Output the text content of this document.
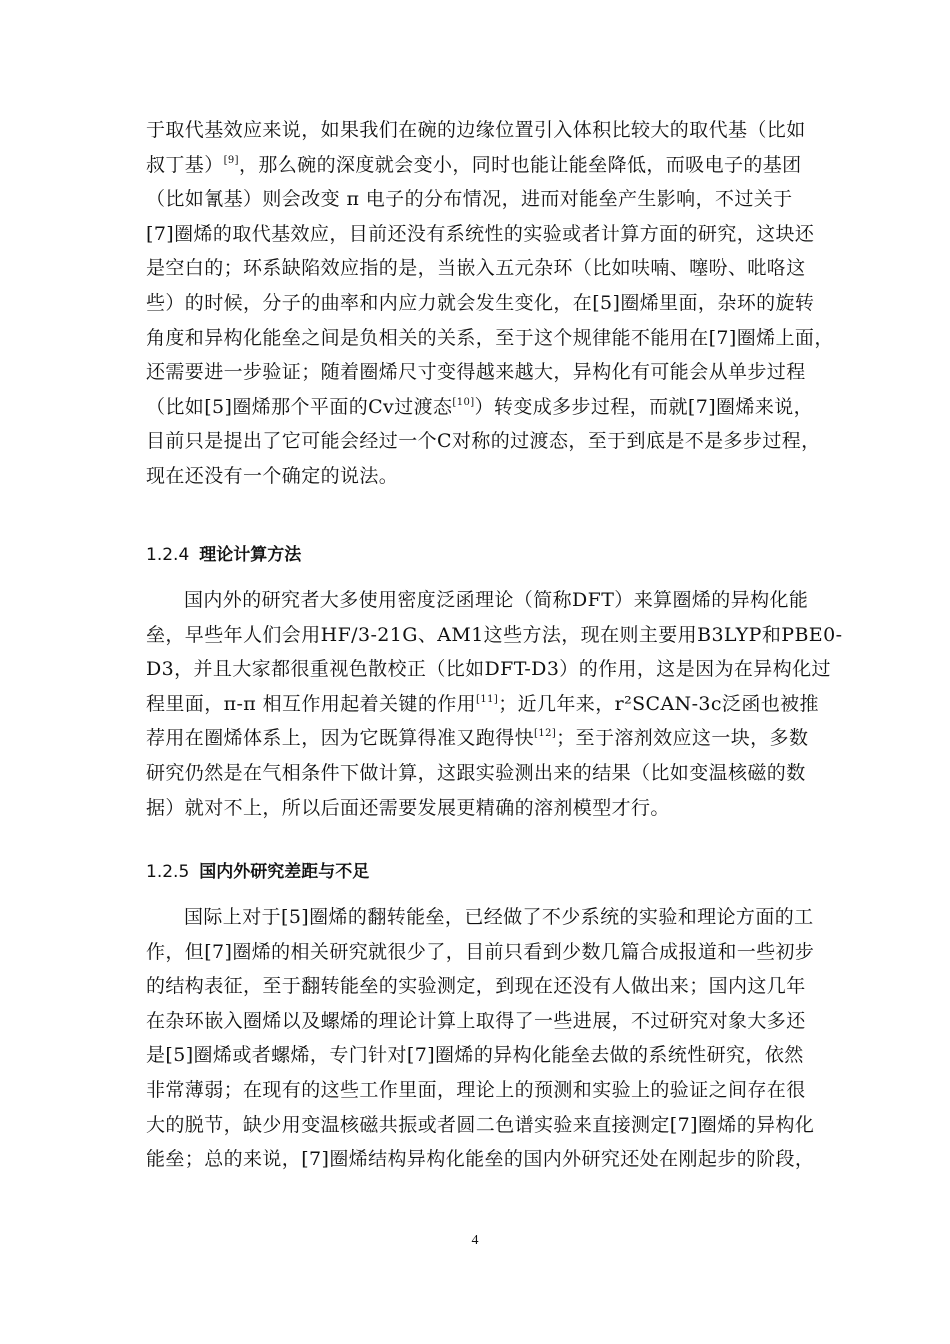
于取代基效应来说，如果我们在碗的边缘位置引入体积比较大的取代基（比如
叔丁基）[9]，那么碗的深度就会变小，同时也能让能垒降低，而吸电子的基团
（比如氰基）则会改变 π 电子的分布情况，进而对能垒产生影响，不过关于
[7]圈烯的取代基效应，目前还没有系统性的实验或者计算方面的研究，这块还
是空白的；环系缺陷效应指的是，当嵌入五元杂环（比如呋喃、噻吩、吡咯这
些）的时候，分子的曲率和内应力就会发生变化，在[5]圈烯里面，杂环的旋转
角度和异构化能垒之间是负相关的关系，至于这个规律能不能用在[7]圈烯上面，
还需要进一步验证；随着圈烯尺寸变得越来越大，异构化有可能会从单步过程
（比如[5]圈烯那个平面的Cv过渡态[10]）转变成多步过程，而就[7]圈烯来说，
目前只是提出了它可能会经过一个C对称的过渡态，至于到底是不是多步过程，
现在还没有一个确定的说法。

1.2.4 理论计算方法

国内外的研究者大多使用密度泛函理论（简称DFT）来算圈烯的异构化能
垒，早些年人们会用HF/3-21G、AM1这些方法，现在则主要用B3LYP和PBE0-
D3，并且大家都很重视色散校正（比如DFT-D3）的作用，这是因为在异构化过
程里面，π-π 相互作用起着关键的作用[11]；近几年来，r²SCAN-3c泛函也被推
荐用在圈烯体系上，因为它既算得准又跑得快[12]；至于溶剂效应这一块，多数
研究仍然是在气相条件下做计算，这跟实验测出来的结果（比如变温核磁的数
据）就对不上，所以后面还需要发展更精确的溶剂模型才行。

1.2.5 国内外研究差距与不足

国际上对于[5]圈烯的翻转能垒，已经做了不少系统的实验和理论方面的工
作，但[7]圈烯的相关研究就很少了，目前只看到少数几篇合成报道和一些初步
的结构表征，至于翻转能垒的实验测定，到现在还没有人做出来；国内这几年
在杂环嵌入圈烯以及螺烯的理论计算上取得了一些进展，不过研究对象大多还
是[5]圈烯或者螺烯，专门针对[7]圈烯的异构化能垒去做的系统性研究，依然
非常薄弱；在现有的这些工作里面，理论上的预测和实验上的验证之间存在很
大的脱节，缺少用变温核磁共振或者圆二色谱实验来直接测定[7]圈烯的异构化
能垒；总的来说，[7]圈烯结构异构化能垒的国内外研究还处在刚起步的阶段，

4
